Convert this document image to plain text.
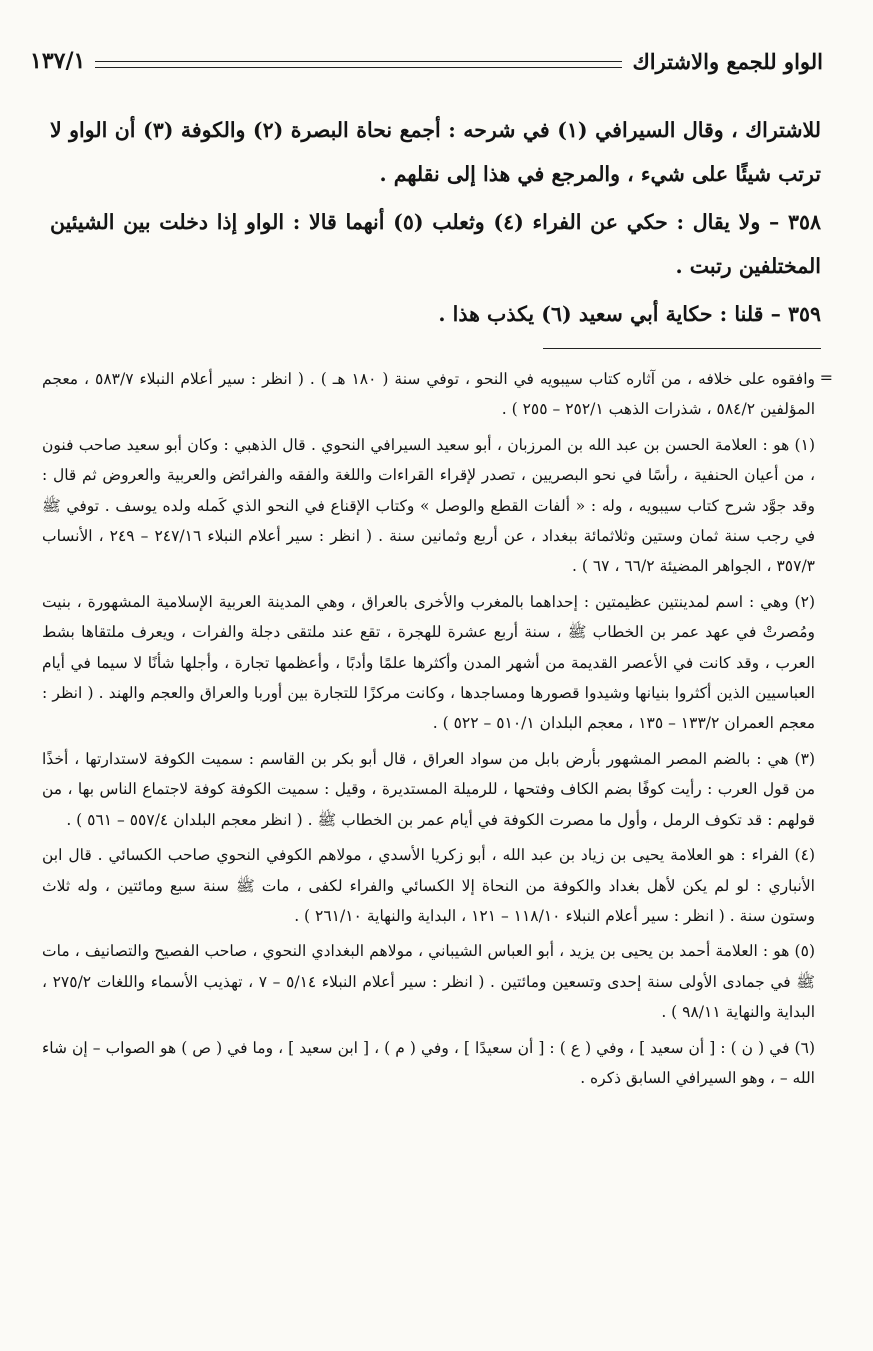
الواو للجمع والاشتراك
١٣٧/١

للاشتراك ، وقال السيرافي (١) في شرحه : أجمع نحاة البصرة (٢) والكوفة (٣) أن الواو لا ترتب شيئًا على شيء ، والمرجع في هذا إلى نقلهم .

٣٥٨ – ولا يقال : حكي عن الفراء (٤) وثعلب (٥) أنهما قالا : الواو إذا دخلت بين الشيئين المختلفين رتبت .

٣٥٩ – قلنا : حكاية أبي سعيد (٦) يكذب هذا .

=

وافقوه على خلافه ، من آثاره كتاب سيبويه في النحو ، توفي سنة ( ١٨٠ هـ ) . ( انظر : سير أعلام النبلاء ٥٨٣/٧ ، معجم المؤلفين ٥٨٤/٢ ، شذرات الذهب ٢٥٢/١ – ٢٥٥ ) .

(١) هو : العلامة الحسن بن عبد الله بن المرزبان ، أبو سعيد السيرافي النحوي . قال الذهبي : وكان أبو سعيد صاحب فنون ، من أعيان الحنفية ، رأسًا في نحو البصريين ، تصدر لإقراء القراءات واللغة والفقه والفرائض والعربية والعروض ثم قال : وقد جوَّد شرح كتاب سيبويه ، وله : « ألفات القطع والوصل » وكتاب الإقناع في النحو الذي كَمله ولده يوسف . توفي ﷺ في رجب سنة ثمان وستين وثلاثمائة ببغداد ، عن أربع وثمانين سنة . ( انظر : سير أعلام النبلاء ٢٤٧/١٦ – ٢٤٩ ، الأنساب ٣٥٧/٣ ، الجواهر المضيئة ٦٦/٢ ، ٦٧ ) .

(٢) وهي : اسم لمدينتين عظيمتين : إحداهما بالمغرب والأخرى بالعراق ، وهي المدينة العربية الإسلامية المشهورة ، بنيت ومُصرتْ في عهد عمر بن الخطاب ﷺ ، سنة أربع عشرة للهجرة ، تقع عند ملتقى دجلة والفرات ، ويعرف ملتقاها بشط العرب ، وقد كانت في الأعصر القديمة من أشهر المدن وأكثرها علمًا وأدبًا ، وأعظمها تجارة ، وأجلها شأنًا لا سيما في أيام العباسيين الذين أكثروا بنيانها وشيدوا قصورها ومساجدها ، وكانت مركزًا للتجارة بين أوربا والعراق والعجم والهند . ( انظر : معجم العمران ١٣٣/٢ – ١٣٥ ، معجم البلدان ٥١٠/١ – ٥٢٢ ) .

(٣) هي : بالضم المصر المشهور بأرض بابل من سواد العراق ، قال أبو بكر بن القاسم : سميت الكوفة لاستدارتها ، أخذًا من قول العرب : رأيت كوفًا بضم الكاف وفتحها ، للرميلة المستديرة ، وقيل : سميت الكوفة كوفة لاجتماع الناس بها ، من قولهم : قد تكوف الرمل ، وأول ما مصرت الكوفة في أيام عمر بن الخطاب ﷺ . ( انظر معجم البلدان ٥٥٧/٤ – ٥٦١ ) .

(٤) الفراء : هو العلامة يحيى بن زياد بن عبد الله ، أبو زكريا الأسدي ، مولاهم الكوفي النحوي صاحب الكسائي . قال ابن الأنباري : لو لم يكن لأهل بغداد والكوفة من النحاة إلا الكسائي والفراء لكفى ، مات ﷺ سنة سبع ومائتين ، وله ثلاث وستون سنة . ( انظر : سير أعلام النبلاء ١١٨/١٠ – ١٢١ ، البداية والنهاية ٢٦١/١٠ ) .

(٥) هو : العلامة أحمد بن يحيى بن يزيد ، أبو العباس الشيباني ، مولاهم البغدادي النحوي ، صاحب الفصيح والتصانيف ، مات ﷺ في جمادى الأولى سنة إحدى وتسعين ومائتين . ( انظر : سير أعلام النبلاء ٥/١٤ – ٧ ، تهذيب الأسماء واللغات ٢٧٥/٢ ، البداية والنهاية ٩٨/١١ ) .

(٦) في ( ن ) : [ أن سعيد ] ، وفي ( ع ) : [ أن سعيدًا ] ، وفي ( م ) ، [ ابن سعيد ] ، وما في ( ص ) هو الصواب – إن شاء الله – ، وهو السيرافي السابق ذكره .
